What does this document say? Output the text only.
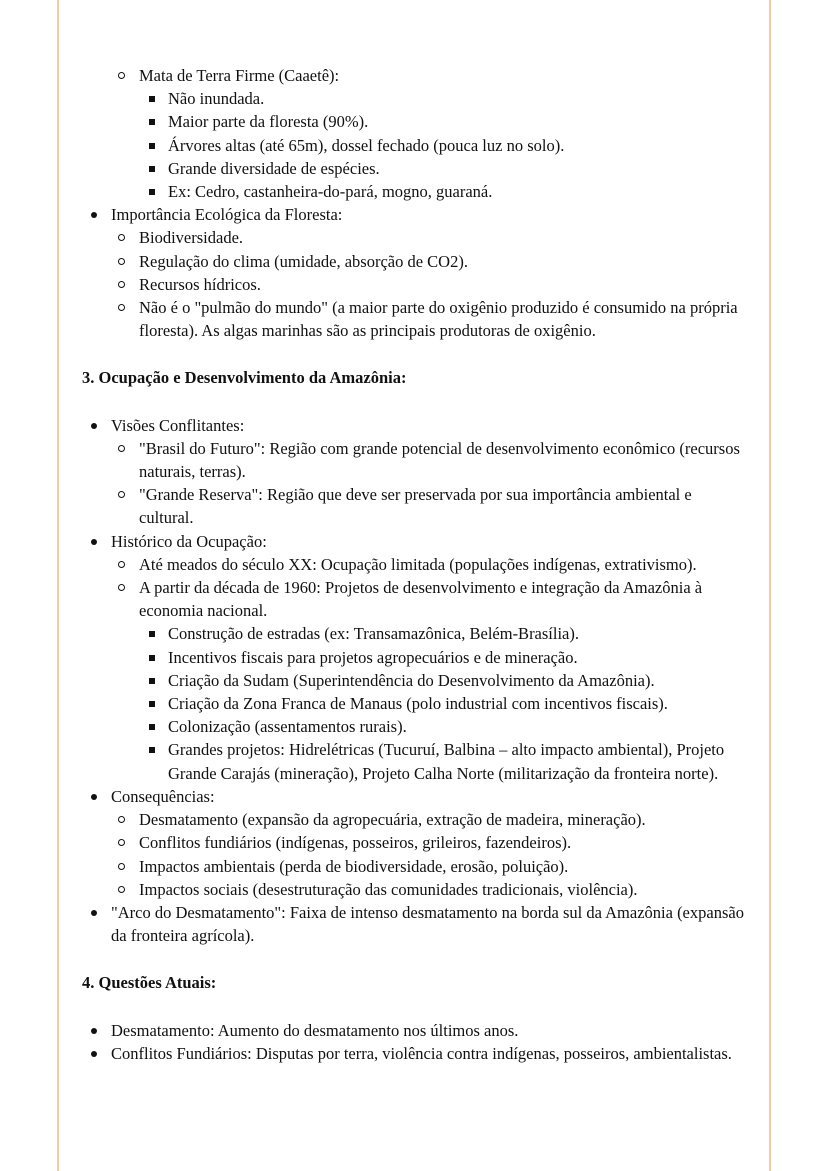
Mata de Terra Firme (Caaetê):
Não inundada.
Maior parte da floresta (90%).
Árvores altas (até 65m), dossel fechado (pouca luz no solo).
Grande diversidade de espécies.
Ex: Cedro, castanheira-do-pará, mogno, guaraná.
Importância Ecológica da Floresta:
Biodiversidade.
Regulação do clima (umidade, absorção de CO2).
Recursos hídricos.
Não é o "pulmão do mundo" (a maior parte do oxigênio produzido é consumido na própria floresta). As algas marinhas são as principais produtoras de oxigênio.
3. Ocupação e Desenvolvimento da Amazônia:
Visões Conflitantes:
"Brasil do Futuro": Região com grande potencial de desenvolvimento econômico (recursos naturais, terras).
"Grande Reserva": Região que deve ser preservada por sua importância ambiental e cultural.
Histórico da Ocupação:
Até meados do século XX: Ocupação limitada (populações indígenas, extrativismo).
A partir da década de 1960: Projetos de desenvolvimento e integração da Amazônia à economia nacional.
Construção de estradas (ex: Transamazônica, Belém-Brasília).
Incentivos fiscais para projetos agropecuários e de mineração.
Criação da Sudam (Superintendência do Desenvolvimento da Amazônia).
Criação da Zona Franca de Manaus (polo industrial com incentivos fiscais).
Colonização (assentamentos rurais).
Grandes projetos: Hidrelétricas (Tucuruí, Balbina – alto impacto ambiental), Projeto Grande Carajás (mineração), Projeto Calha Norte (militarização da fronteira norte).
Consequências:
Desmatamento (expansão da agropecuária, extração de madeira, mineração).
Conflitos fundiários (indígenas, posseiros, grileiros, fazendeiros).
Impactos ambientais (perda de biodiversidade, erosão, poluição).
Impactos sociais (desestruturação das comunidades tradicionais, violência).
"Arco do Desmatamento": Faixa de intenso desmatamento na borda sul da Amazônia (expansão da fronteira agrícola).
4. Questões Atuais:
Desmatamento: Aumento do desmatamento nos últimos anos.
Conflitos Fundiários: Disputas por terra, violência contra indígenas, posseiros, ambientalistas.
